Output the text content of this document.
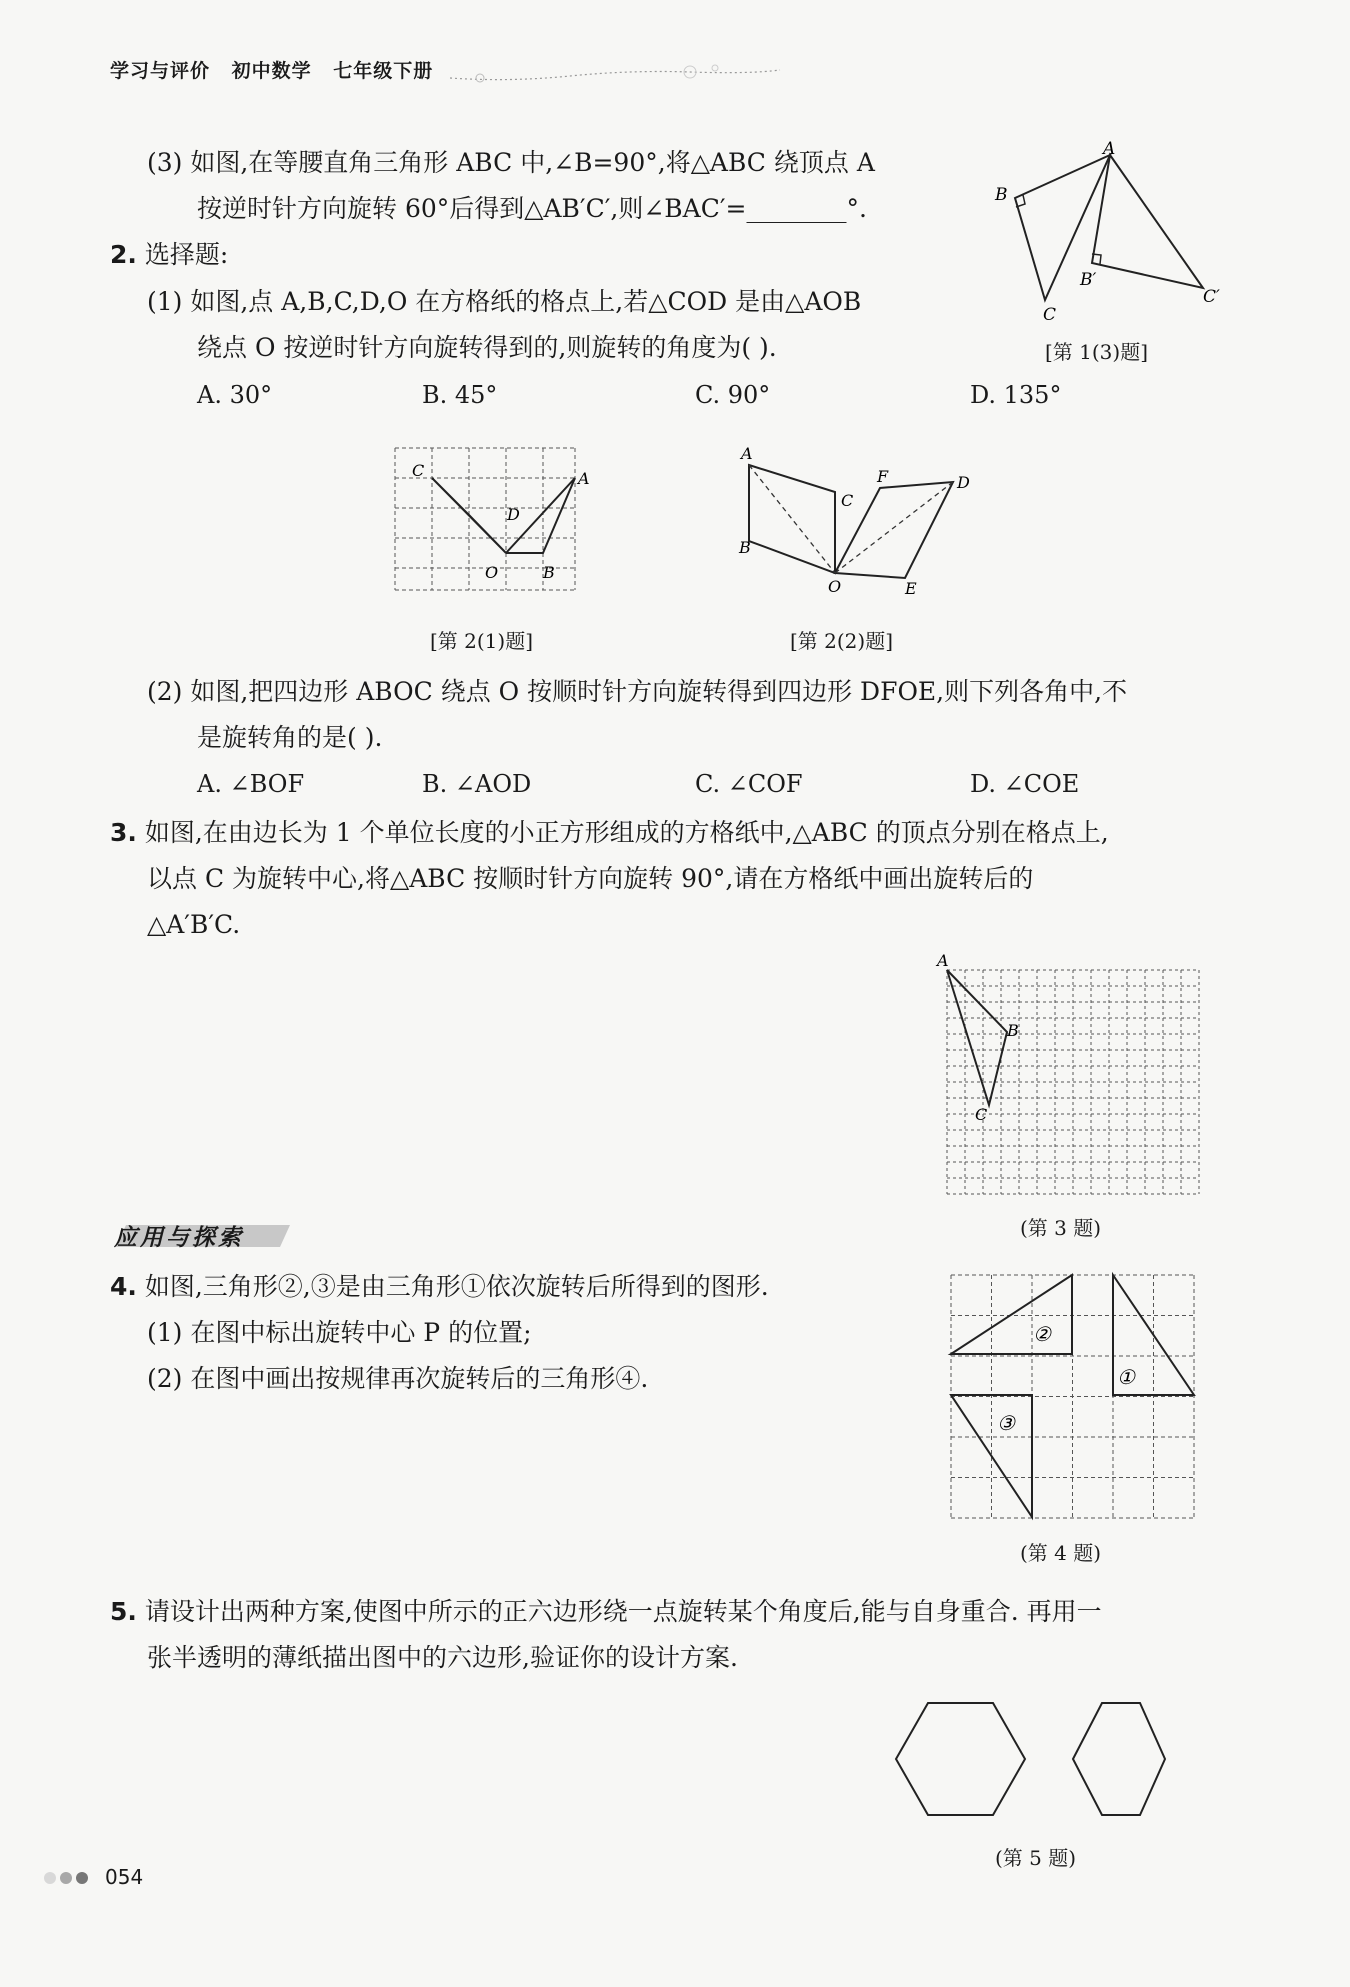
学习与评价 初中数学 七年级下册
(3) 如图,在等腰直角三角形 ABC 中,∠B=90°,将△ABC 绕顶点 A
按逆时针方向旋转 60°后得到△AB′C′,则∠BAC′=________°.
A
B
C
B′
C′
[第 1(3)题]
2. 选择题:
(1) 如图,点 A,B,C,D,O 在方格纸的格点上,若△COD 是由△AOB
绕点 O 按逆时针方向旋转得到的,则旋转的角度为( ).
A. 30°	B. 45°	C. 90°	D. 135°
C	A
D
O	B
[第 2(1)题]
A
B
C
F	D
O	E
[第 2(2)题]
(2) 如图,把四边形 ABOC 绕点 O 按顺时针方向旋转得到四边形 DFOE,则下列各角中,不
是旋转角的是( ).
A. ∠BOF	B. ∠AOD	C. ∠COF	D. ∠COE
3. 如图,在由边长为 1 个单位长度的小正方形组成的方格纸中,△ABC 的顶点分别在格点上,
以点 C 为旋转中心,将△ABC 按顺时针方向旋转 90°,请在方格纸中画出旋转后的
△A′B′C.
A
B
C
(第 3 题)
应用与探索
4. 如图,三角形②,③是由三角形①依次旋转后所得到的图形.
(1) 在图中标出旋转中心 P 的位置;
(2) 在图中画出按规律再次旋转后的三角形④.
②
①
③
(第 4 题)
5. 请设计出两种方案,使图中所示的正六边形绕一点旋转某个角度后,能与自身重合. 再用一
张半透明的薄纸描出图中的六边形,验证你的设计方案.
(第 5 题)
054
